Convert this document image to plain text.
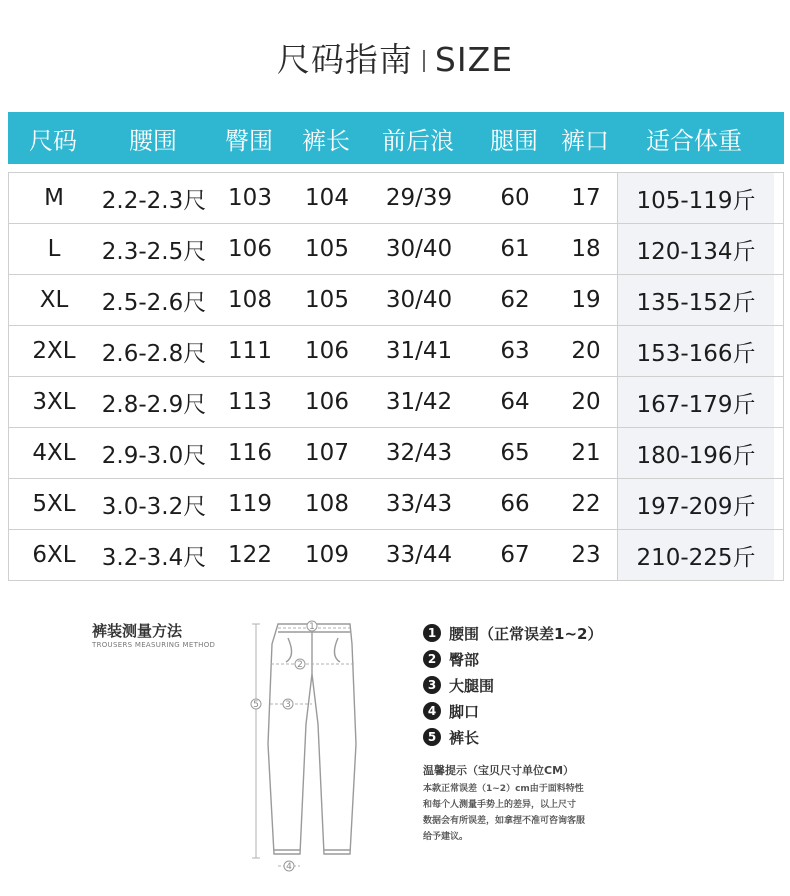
尺码指南 SIZE
尺码	腰围	臀围	裤长	前后浪	腿围 裤口	适合体重
M	2.2-2.3尺 103	104	29/39	60	17	105-119斤
L	2.3-2.5尺 106	105	30/40	61	18	120-134斤
XL	2.5-2.6尺 108	105	30/40	62	19	135-152斤
2XL	2.6-2.8尺 111	106	31/41	63	20	153-166斤
3XL	2.8-2.9尺 113	106	31/42	64	20	167-179斤
4XL	2.9-3.0尺 116	107	32/43	65	21	180-196斤
5XL	3.0-3.2尺 119	108	33/43	66	22	197-209斤
6XL	3.2-3.4尺 122	109	33/44	67	23	210-225斤
裤装测量方法
TROUSERS MEASURING METHOD
1
2
3
4
5
1 腰围（正常误差1~2）
2 臀部
3 大腿围
4 脚口
5 裤长
温馨提示（宝贝尺寸单位CM）
本款正常误差（1~2）cm由于面料特性
和每个人测量手势上的差异，以上尺寸
数据会有所误差，如拿捏不准可咨询客服
给予建议。
